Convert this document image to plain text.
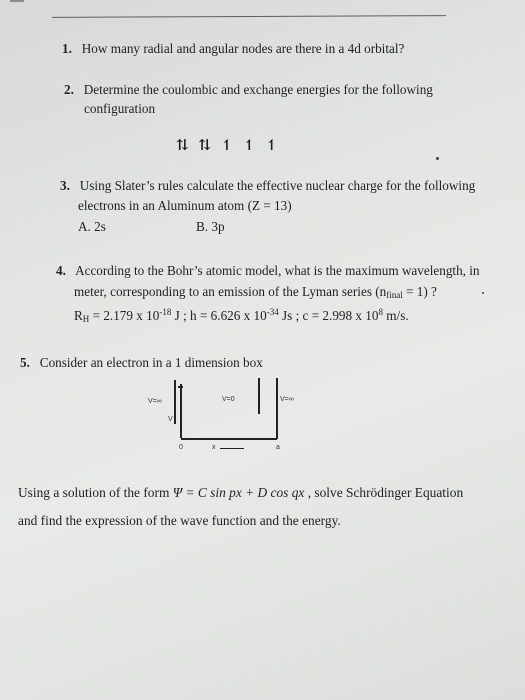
1. How many radial and angular nodes are there in a 4d orbital?
2. Determine the coulombic and exchange energies for the following
configuration
⇅ ⇅ ↿ ↿ ↿
3. Using Slater’s rules calculate the effective nuclear charge for the following
electrons in an Aluminum atom (Z = 13)
A. 2s	B. 3p
4. According to the Bohr’s atomic model, what is the maximum wavelength, in
meter, corresponding to an emission of the Lyman series $(n_{final} = 1)$ ?
$R_H = 2.179$ x $10^{-18}$ J ; h = 6.626 x $10^{-34}$ Js ; c = 2.998 x $10^8$ m/s.
5. Consider an electron in a 1 dimension box
V=∞	V=0	V=∞
V
0	x	a
Using a solution of the form Ψ = C sin px + D cos qx , solve Schrödinger Equation
and find the expression of the wave function and the energy.
